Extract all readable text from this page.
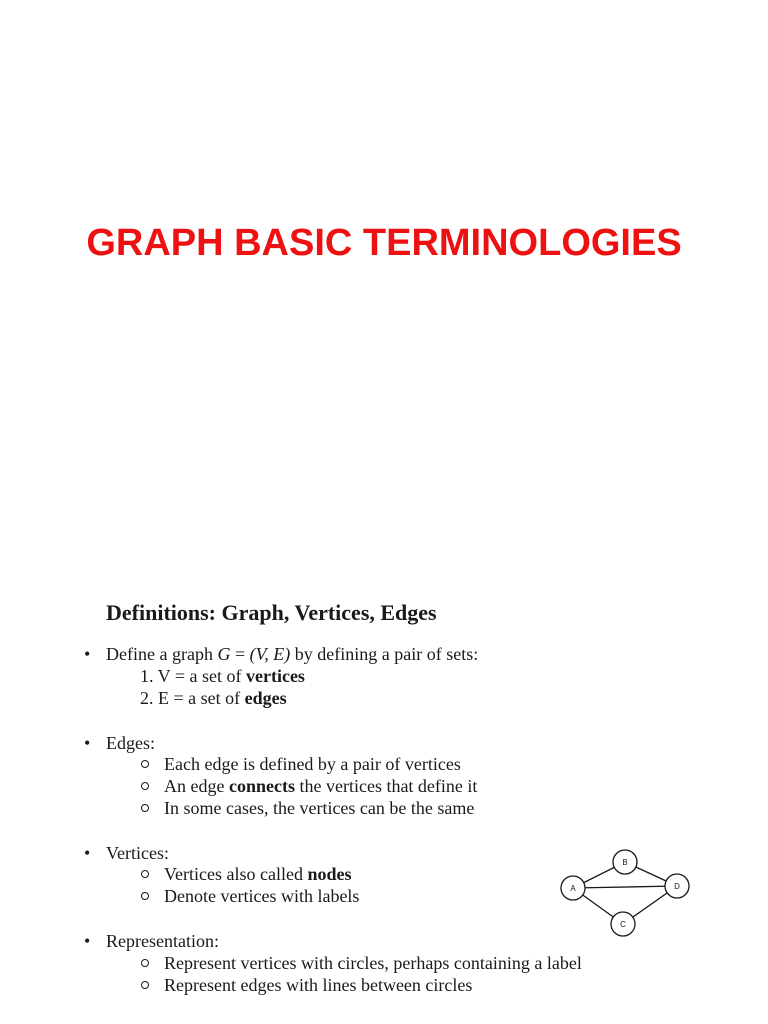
GRAPH BASIC TERMINOLOGIES
Definitions: Graph, Vertices, Edges
• Define a graph G = (V, E) by defining a pair of sets:
1. V = a set of vertices
2. E = a set of edges
• Edges:
Each edge is defined by a pair of vertices
An edge connects the vertices that define it
In some cases, the vertices can be the same
• Vertices:
Vertices also called nodes
Denote vertices with labels
• Representation:
Represent vertices with circles, perhaps containing a label
Represent edges with lines between circles
A
B
D
C
